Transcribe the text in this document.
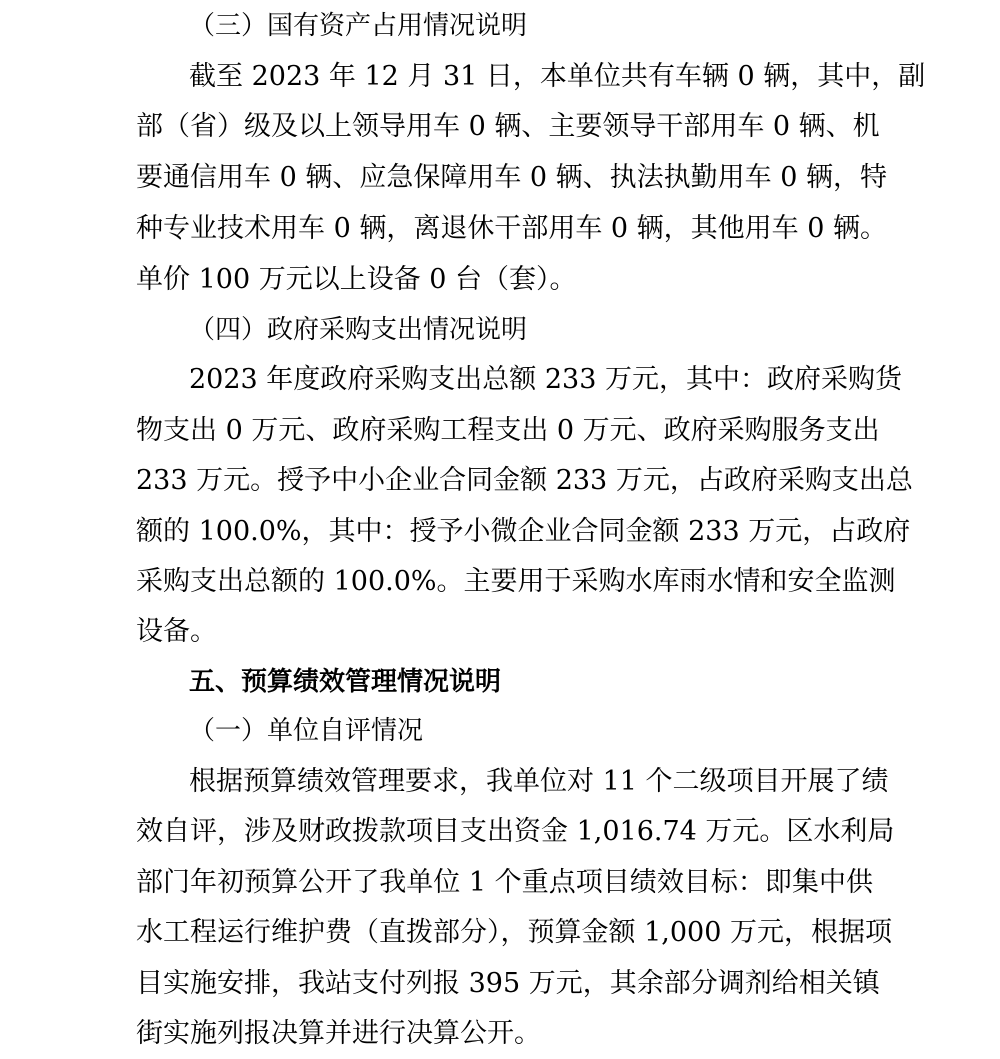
（三）国有资产占用情况说明
截至 2023 年 12 月 31 日，本单位共有车辆 0 辆，其中，副
部（省）级及以上领导用车 0 辆、主要领导干部用车 0 辆、机
要通信用车 0 辆、应急保障用车 0 辆、执法执勤用车 0 辆，特
种专业技术用车 0 辆，离退休干部用车 0 辆，其他用车 0 辆。
单价 100 万元以上设备 0 台（套）。
（四）政府采购支出情况说明
2023 年度政府采购支出总额 233 万元，其中：政府采购货
物支出 0 万元、政府采购工程支出 0 万元、政府采购服务支出
233 万元。授予中小企业合同金额 233 万元，占政府采购支出总
额的 100.0%，其中：授予小微企业合同金额 233 万元，占政府
采购支出总额的 100.0%。主要用于采购水库雨水情和安全监测
设备。
五、预算绩效管理情况说明
（一）单位自评情况
根据预算绩效管理要求，我单位对 11 个二级项目开展了绩
效自评，涉及财政拨款项目支出资金 1,016.74 万元。区水利局
部门年初预算公开了我单位 1 个重点项目绩效目标：即集中供
水工程运行维护费（直拨部分），预算金额 1,000 万元，根据项
目实施安排，我站支付列报 395 万元，其余部分调剂给相关镇
街实施列报决算并进行决算公开。
